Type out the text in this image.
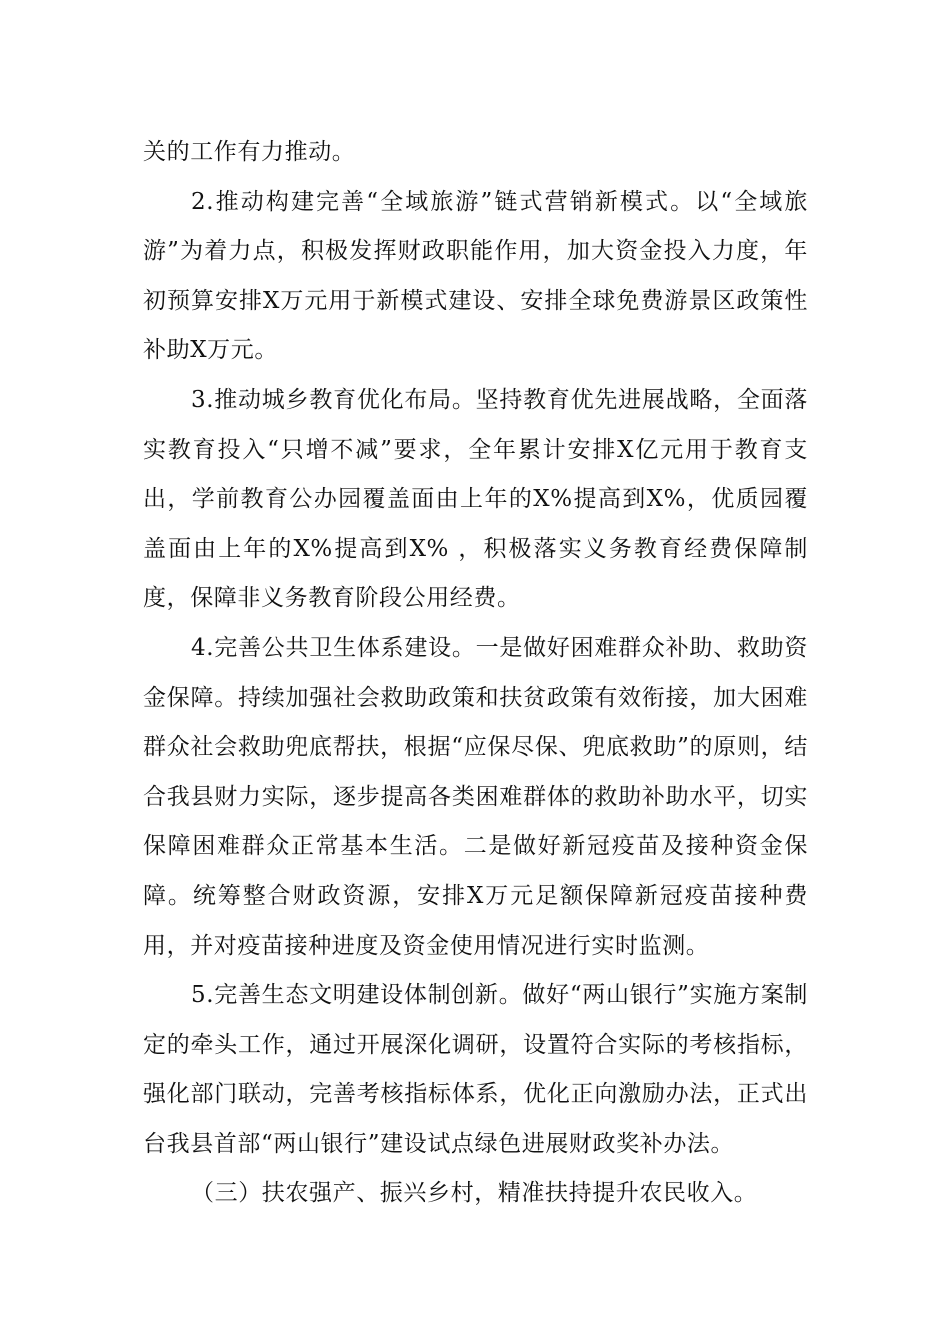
关的工作有力推动。

2.推动构建完善“全域旅游”链式营销新模式。以“全域旅游”为着力点，积极发挥财政职能作用，加大资金投入力度，年初预算安排X万元用于新模式建设、安排全球免费游景区政策性补助X万元。

3.推动城乡教育优化布局。坚持教育优先进展战略，全面落实教育投入“只增不减”要求，全年累计安排X亿元用于教育支出，学前教育公办园覆盖面由上年的X%提高到X%，优质园覆盖面由上年的X%提高到X% ，积极落实义务教育经费保障制度，保障非义务教育阶段公用经费。

4.完善公共卫生体系建设。一是做好困难群众补助、救助资金保障。持续加强社会救助政策和扶贫政策有效衔接，加大困难群众社会救助兜底帮扶，根据“应保尽保、兜底救助”的原则，结合我县财力实际，逐步提高各类困难群体的救助补助水平，切实保障困难群众正常基本生活。二是做好新冠疫苗及接种资金保障。统筹整合财政资源，安排X万元足额保障新冠疫苗接种费用，并对疫苗接种进度及资金使用情况进行实时监测。

5.完善生态文明建设体制创新。做好“两山银行”实施方案制定的牵头工作，通过开展深化调研，设置符合实际的考核指标，强化部门联动，完善考核指标体系，优化正向激励办法，正式出台我县首部“两山银行”建设试点绿色进展财政奖补办法。

（三）扶农强产、振兴乡村，精准扶持提升农民收入。
